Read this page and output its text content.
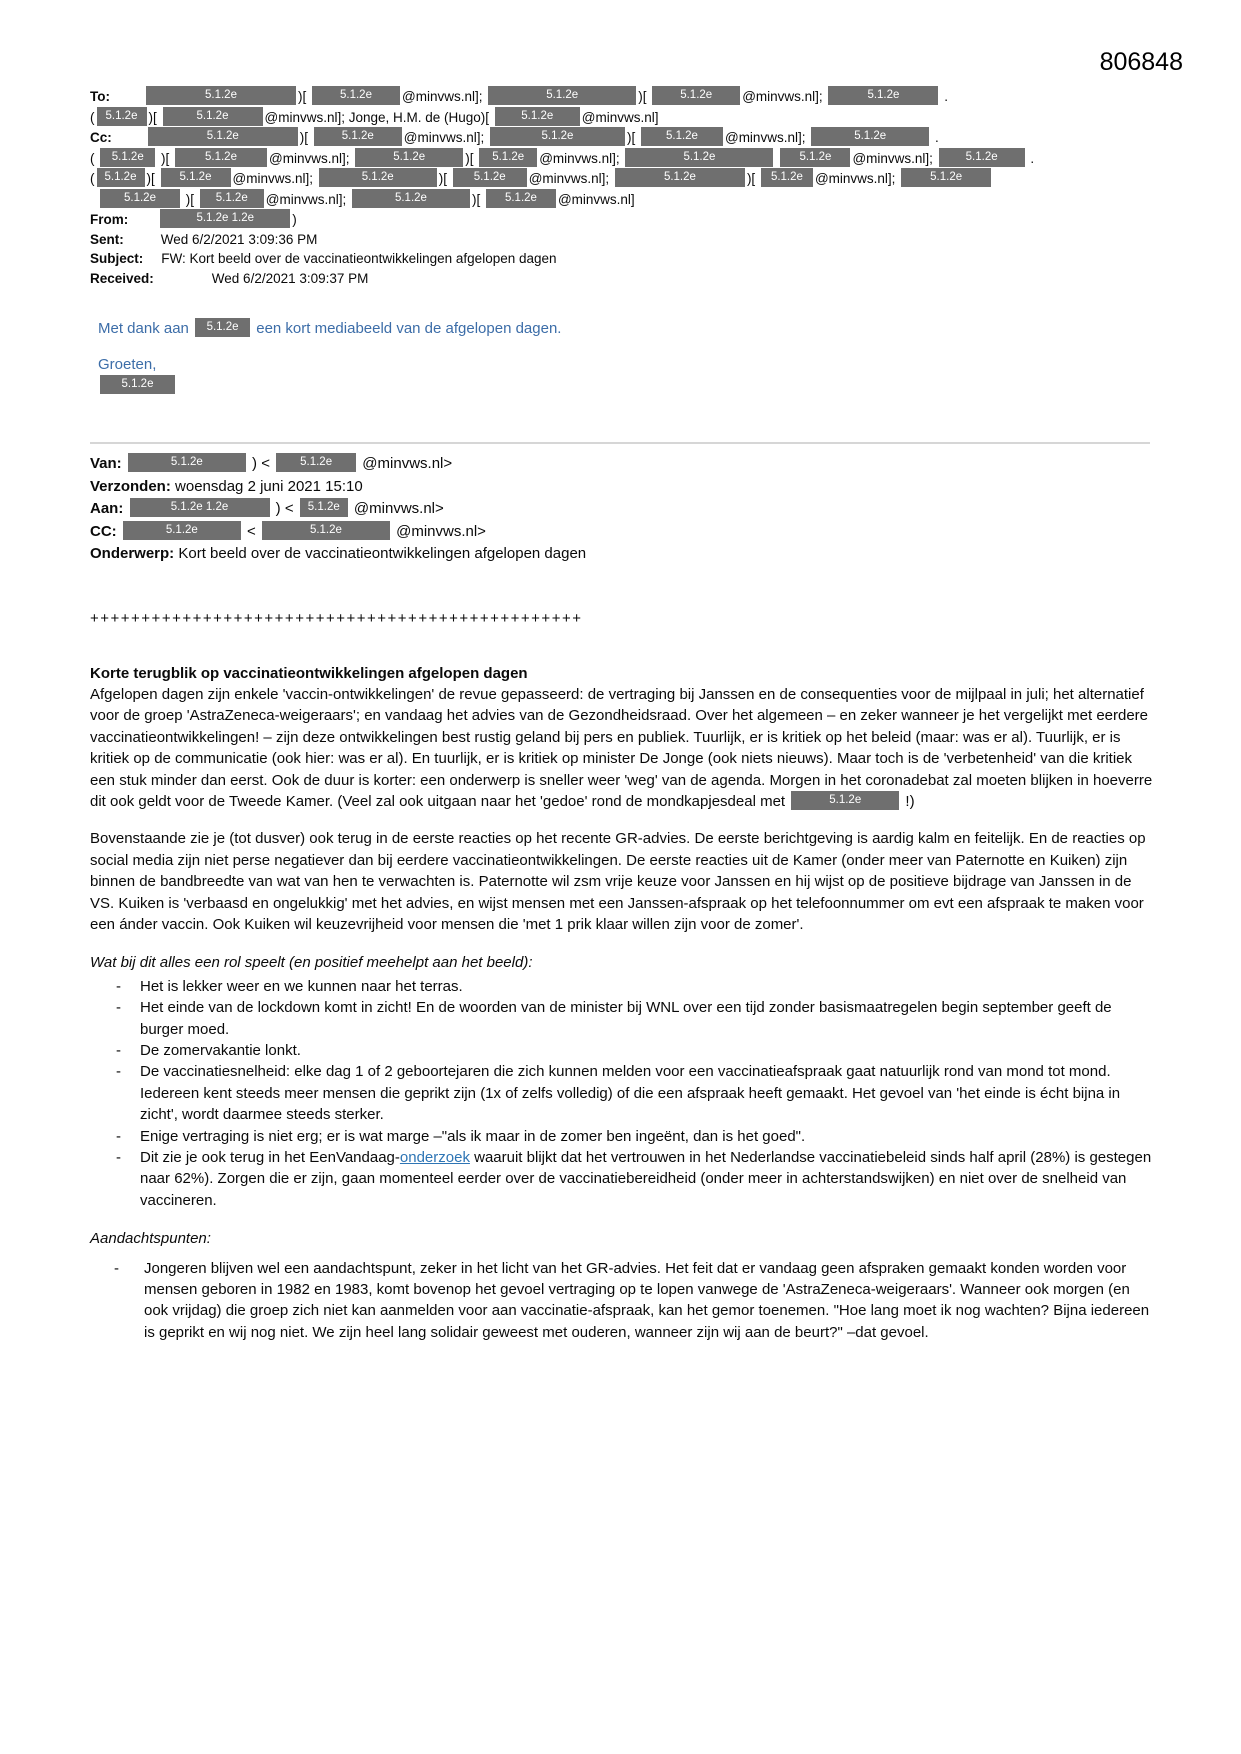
806848
To:	5.1.2e	)[	5.1.2e @minvws.nl];	5.1.2e	)[	5.1.2e @minvws.nl];	5.1.2e	.
( 5.1.2e )[	5.1.2e	@minvws.nl]; Jonge, H.M. de (Hugo)[ 5.1.2e @minvws.nl]
Cc:	5.1.2e	)[	5.1.2e @minvws.nl];	5.1.2e	)[ 5.1.2e @minvws.nl];	5.1.2e	.
( 5.1.2e )[	5.1.2e @minvws.nl];	5.1.2e	)[ 5.1.2e @minvws.nl];	5.1.2e	5.1.2e @minvws.nl];	5.1.2e .
( 5.1.2e )[ 5.1.2e @minvws.nl];	5.1.2e	)[ 5.1.2e @minvws.nl];	5.1.2e	)[ 5.1.2e @minvws.nl];	5.1.2e
5.1.2e )[ 5.1.2e @minvws.nl];	5.1.2e	)[ 5.1.2e @minvws.nl]
From:	5.1.2e 1.2e	)
Sent:	Wed 6/2/2021 3:09:36 PM
Subject: FW: Kort beeld over de vaccinatieontwikkelingen afgelopen dagen
Received:	Wed 6/2/2021 3:09:37 PM
Met dank aan 5.1.2e een kort mediabeeld van de afgelopen dagen.
Groeten,
5.1.2e
Van:	5.1.2e	) < 5.1.2e @minvws.nl>
Verzonden: woensdag 2 juni 2021 15:10
Aan:	5.1.2e 1.2e	) < 5.1.2e @minvws.nl>
CC:	5.1.2e	<	5.1.2e	@minvws.nl>
Onderwerp: Kort beeld over de vaccinatieontwikkelingen afgelopen dagen
++++++++++++++++++++++++++++++++++++++++++++++++
Korte terugblik op vaccinatieontwikkelingen afgelopen dagen
Afgelopen dagen zijn enkele 'vaccin-ontwikkelingen' de revue gepasseerd: de vertraging bij Janssen en de consequenties voor de mijlpaal in juli; het alternatief voor de groep 'AstraZeneca-weigeraars'; en vandaag het advies van de Gezondheidsraad. Over het algemeen – en zeker wanneer je het vergelijkt met eerdere vaccinatieontwikkelingen! – zijn deze ontwikkelingen best rustig geland bij pers en publiek. Tuurlijk, er is kritiek op het beleid (maar: was er al). Tuurlijk, er is kritiek op de communicatie (ook hier: was er al). En tuurlijk, er is kritiek op minister De Jonge (ook niets nieuws). Maar toch is de 'verbetenheid' van die kritiek een stuk minder dan eerst. Ook de duur is korter: een onderwerp is sneller weer 'weg' van de agenda. Morgen in het coronadebat zal moeten blijken in hoeverre dit ook geldt voor de Tweede Kamer. (Veel zal ook uitgaan naar het 'gedoe' rond de mondkapjesdeal met	5.1.2e	!)
Bovenstaande zie je (tot dusver) ook terug in de eerste reacties op het recente GR-advies. De eerste berichtgeving is aardig kalm en feitelijk. En de reacties op social media zijn niet perse negatiever dan bij eerdere vaccinatieontwikkelingen. De eerste reacties uit de Kamer (onder meer van Paternotte en Kuiken) zijn binnen de bandbreedte van wat van hen te verwachten is. Paternotte wil zsm vrije keuze voor Janssen en hij wijst op de positieve bijdrage van Janssen in de VS. Kuiken is 'verbaasd en ongelukkig' met het advies, en wijst mensen met een Janssen-afspraak op het telefoonnummer om evt een afspraak te maken voor een ánder vaccin. Ook Kuiken wil keuzevrijheid voor mensen die 'met 1 prik klaar willen zijn voor de zomer'.
Wat bij dit alles een rol speelt (en positief meehelpt aan het beeld):
-	Het is lekker weer en we kunnen naar het terras.
-	Het einde van de lockdown komt in zicht! En de woorden van de minister bij WNL over een tijd zonder basismaatregelen begin september geeft de burger moed.
-	De zomervakantie lonkt.
-	De vaccinatiesnelheid: elke dag 1 of 2 geboortejaren die zich kunnen melden voor een vaccinatieafspraak gaat natuurlijk rond van mond tot mond. Iedereen kent steeds meer mensen die geprikt zijn (1x of zelfs volledig) of die een afspraak heeft gemaakt. Het gevoel van 'het einde is écht bijna in zicht', wordt daarmee steeds sterker.
-	Enige vertraging is niet erg; er is wat marge –"als ik maar in de zomer ben ingeënt, dan is het goed".
-	Dit zie je ook terug in het EenVandaag-onderzoek waaruit blijkt dat het vertrouwen in het Nederlandse vaccinatiebeleid sinds half april (28%) is gestegen naar 62%). Zorgen die er zijn, gaan momenteel eerder over de vaccinatiebereidheid (onder meer in achterstandswijken) en niet over de snelheid van vaccineren.
Aandachtspunten:
-	Jongeren blijven wel een aandachtspunt, zeker in het licht van het GR-advies. Het feit dat er vandaag geen afspraken gemaakt konden worden voor mensen geboren in 1982 en 1983, komt bovenop het gevoel vertraging op te lopen vanwege de 'AstraZeneca-weigeraars'. Wanneer ook morgen (en ook vrijdag) die groep zich niet kan aanmelden voor aan vaccinatie-afspraak, kan het gemor toenemen. "Hoe lang moet ik nog wachten? Bijna iedereen is geprikt en wij nog niet. We zijn heel lang solidair geweest met ouderen, wanneer zijn wij aan de beurt?" –dat gevoel.
